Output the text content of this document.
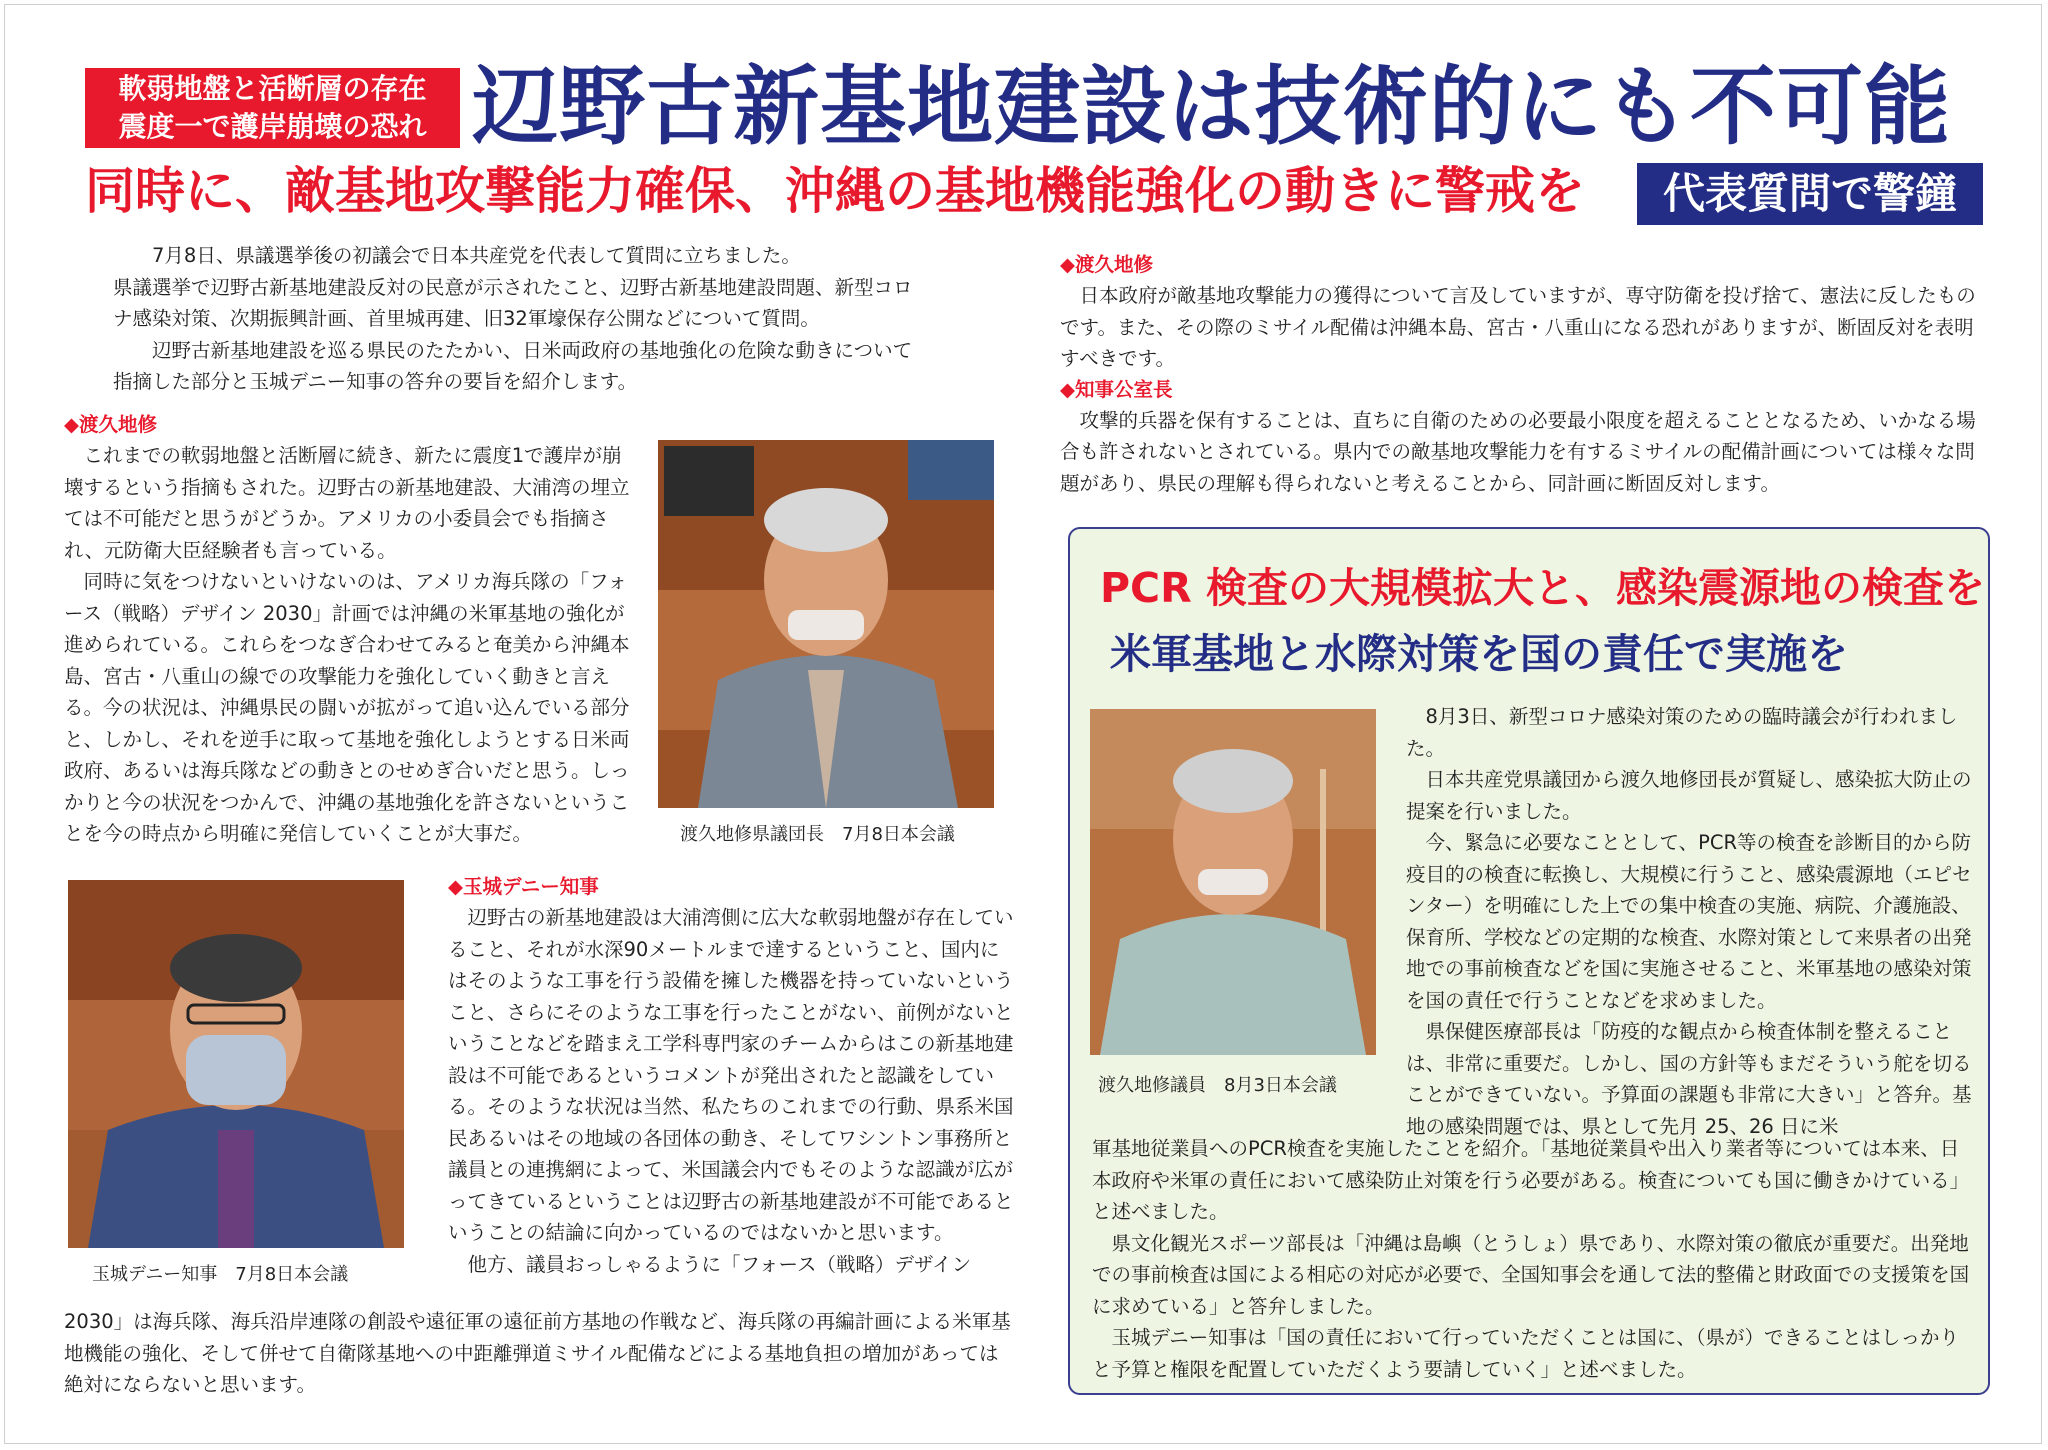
軟弱地盤と活断層の存在
震度一で護岸崩壊の恐れ 辺野古新基地建設は技術的にも不可能
同時に、敵基地攻撃能力確保、沖縄の基地機能強化の動きに警戒を	代表質問で警鐘

7月8日、県議選挙後の初議会で日本共産党を代表して質問に立ちました。

県議選挙で辺野古新基地建設反対の民意が示されたこと、辺野古新基地建設問題、新型コロナ感染対策、次期振興計画、首里城再建、旧32軍壕保存公開などについて質問。

辺野古新基地建設を巡る県民のたたかい、日米両政府の基地強化の危険な動きについて指摘した部分と玉城デニー知事の答弁の要旨を紹介します。

◆渡久地修

これまでの軟弱地盤と活断層に続き、新たに震度1で護岸が崩壊するという指摘もされた。辺野古の新基地建設、大浦湾の埋立ては不可能だと思うがどうか。アメリカの小委員会でも指摘され、元防衛大臣経験者も言っている。

同時に気をつけないといけないのは、アメリカ海兵隊の「フォース（戦略）デザイン 2030」計画では沖縄の米軍基地の強化が進められている。これらをつなぎ合わせてみると奄美から沖縄本島、宮古・八重山の線での攻撃能力を強化していく動きと言える。今の状況は、沖縄県民の闘いが拡がって追い込んでいる部分と、しかし、それを逆手に取って基地を強化しようとする日米両政府、あるいは海兵隊などの動きとのせめぎ合いだと思う。しっかりと今の状況をつかんで、沖縄の基地強化を許さないということを今の時点から明確に発信していくことが大事だ。	渡久地修県議団長　7月8日本会議
玉城デニー知事　7月8日本会議
◆玉城デニー知事

辺野古の新基地建設は大浦湾側に広大な軟弱地盤が存在していること、それが水深90メートルまで達するということ、国内にはそのような工事を行う設備を擁した機器を持っていないということ、さらにそのような工事を行ったことがない、前例がないということなどを踏まえ工学科専門家のチームからはこの新基地建設は不可能であるというコメントが発出されたと認識をしている。そのような状況は当然、私たちのこれまでの行動、県系米国民あるいはその地域の各団体の動き、そしてワシントン事務所と議員との連携網によって、米国議会内でもそのような認識が広がってきているということは辺野古の新基地建設が不可能であるということの結論に向かっているのではないかと思います。

他方、議員おっしゃるように「フォース（戦略）デザイン

2030」は海兵隊、海兵沿岸連隊の創設や遠征軍の遠征前方基地の作戦など、海兵隊の再編計画による米軍基地機能の強化、そして併せて自衛隊基地への中距離弾道ミサイル配備などによる基地負担の増加があっては絶対にならないと思います。

◆渡久地修

日本政府が敵基地攻撃能力の獲得について言及していますが、専守防衛を投げ捨て、憲法に反したものです。また、その際のミサイル配備は沖縄本島、宮古・八重山になる恐れがありますが、断固反対を表明すべきです。

◆知事公室長

攻撃的兵器を保有することは、直ちに自衛のための必要最小限度を超えることとなるため、いかなる場合も許されないとされている。県内での敵基地攻撃能力を有するミサイルの配備計画については様々な問題があり、県民の理解も得られないと考えることから、同計画に断固反対します。

PCR 検査の大規模拡大と、感染震源地の検査を
米軍基地と水際対策を国の責任で実施を
渡久地修議員　8月3日本会議

8月3日、新型コロナ感染対策のための臨時議会が行われました。

日本共産党県議団から渡久地修団長が質疑し、感染拡大防止の提案を行いました。

今、緊急に必要なこととして、PCR等の検査を診断目的から防疫目的の検査に転換し、大規模に行うこと、感染震源地（エピセンター）を明確にした上での集中検査の実施、病院、介護施設、保育所、学校などの定期的な検査、水際対策として来県者の出発地での事前検査などを国に実施させること、米軍基地の感染対策を国の責任で行うことなどを求めました。

県保健医療部長は「防疫的な観点から検査体制を整えることは、非常に重要だ。しかし、国の方針等もまだそういう舵を切ることができていない。予算面の課題も非常に大きい」と答弁。基地の感染問題では、県として先月 25、26 日に米

軍基地従業員へのPCR検査を実施したことを紹介。「基地従業員や出入り業者等については本来、日本政府や米軍の責任において感染防止対策を行う必要がある。検査についても国に働きかけている」と述べました。

県文化観光スポーツ部長は「沖縄は島嶼（とうしょ）県であり、水際対策の徹底が重要だ。出発地での事前検査は国による相応の対応が必要で、全国知事会を通して法的整備と財政面での支援策を国に求めている」と答弁しました。

玉城デニー知事は「国の責任において行っていただくことは国に、（県が）できることはしっかりと予算と権限を配置していただくよう要請していく」と述べました。
